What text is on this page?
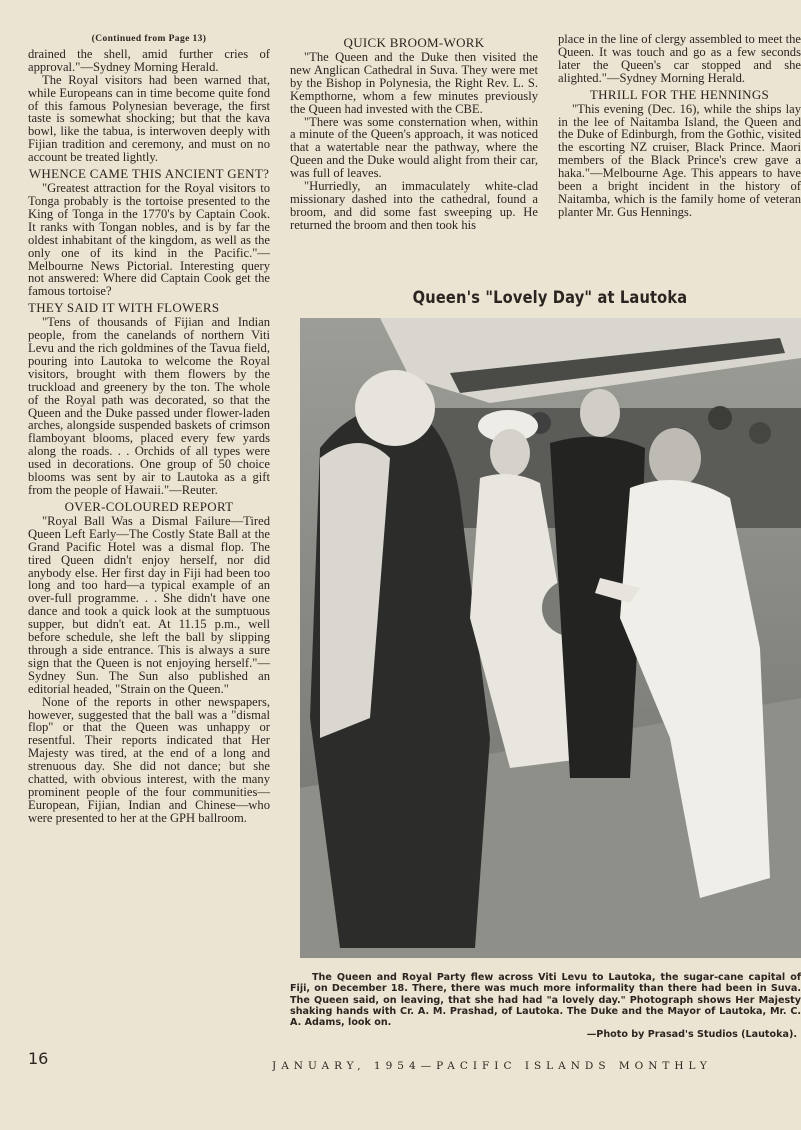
(Continued from Page 13)

drained the shell, amid further cries of approval."—Sydney Morning Herald.

The Royal visitors had been warned that, while Europeans can in time become quite fond of this famous Polynesian beverage, the first taste is somewhat shocking; but that the kava bowl, like the tabua, is interwoven deeply with Fijian tradition and ceremony, and must on no account be treated lightly.

WHENCE CAME THIS ANCIENT GENT?

"Greatest attraction for the Royal visitors to Tonga probably is the tortoise presented to the King of Tonga in the 1770's by Captain Cook. It ranks with Tongan nobles, and is by far the oldest inhabitant of the kingdom, as well as the only one of its kind in the Pacific."—Melbourne News Pictorial. Interesting query not answered: Where did Captain Cook get the famous tortoise?

THEY SAID IT WITH FLOWERS

"Tens of thousands of Fijian and Indian people, from the canelands of northern Viti Levu and the rich goldmines of the Tavua field, pouring into Lautoka to welcome the Royal visitors, brought with them flowers by the truckload and greenery by the ton. The whole of the Royal path was decorated, so that the Queen and the Duke passed under flower-laden arches, alongside suspended baskets of crimson flamboyant blooms, placed every few yards along the roads. . . Orchids of all types were used in decorations. One group of 50 choice blooms was sent by air to Lautoka as a gift from the people of Hawaii."—Reuter.

OVER-COLOURED REPORT

"Royal Ball Was a Dismal Failure—Tired Queen Left Early—The Costly State Ball at the Grand Pacific Hotel was a dismal flop. The tired Queen didn't enjoy herself, nor did anybody else. Her first day in Fiji had been too long and too hard—a typical example of an over-full programme. . . She didn't have one dance and took a quick look at the sumptuous supper, but didn't eat. At 11.15 p.m., well before schedule, she left the ball by slipping through a side entrance. This is always a sure sign that the Queen is not enjoying herself."—Sydney Sun. The Sun also published an editorial headed, "Strain on the Queen."

None of the reports in other newspapers, however, suggested that the ball was a "dismal flop" or that the Queen was unhappy or resentful. Their reports indicated that Her Majesty was tired, at the end of a long and strenuous day. She did not dance; but she chatted, with obvious interest, with the many prominent people of the four communities—European, Fijian, Indian and Chinese—who were presented to her at the GPH ballroom.

QUICK BROOM-WORK

"The Queen and the Duke then visited the new Anglican Cathedral in Suva. They were met by the Bishop in Polynesia, the Right Rev. L. S. Kempthorne, whom a few minutes previously the Queen had invested with the CBE.

"There was some consternation when, within a minute of the Queen's approach, it was noticed that a watertable near the pathway, where the Queen and the Duke would alight from their car, was full of leaves.

"Hurriedly, an immaculately white-clad missionary dashed into the cathedral, found a broom, and did some fast sweeping up. He returned the broom and then took his

place in the line of clergy assembled to meet the Queen. It was touch and go as a few seconds later the Queen's car stopped and she alighted."—Sydney Morning Herald.

THRILL FOR THE HENNINGS

"This evening (Dec. 16), while the ships lay in the lee of Naitamba Island, the Queen and the Duke of Edinburgh, from the Gothic, visited the escorting NZ cruiser, Black Prince. Maori members of the Black Prince's crew gave a haka."—Melbourne Age. This appears to have been a bright incident in the history of Naitamba, which is the family home of veteran planter Mr. Gus Hennings.

Queen's "Lovely Day" at Lautoka

The Queen and Royal Party flew across Viti Levu to Lautoka, the sugar-cane capital of Fiji, on December 18. There, there was much more informality than there had been in Suva. The Queen said, on leaving, that she had had "a lovely day." Photograph shows Her Majesty shaking hands with Cr. A. M. Prashad, of Lautoka. The Duke and the Mayor of Lautoka, Mr. C. A. Adams, look on.

—Photo by Prasad's Studios (Lautoka).
16	JANUARY, 1954—PACIFIC ISLANDS MONTHLY
